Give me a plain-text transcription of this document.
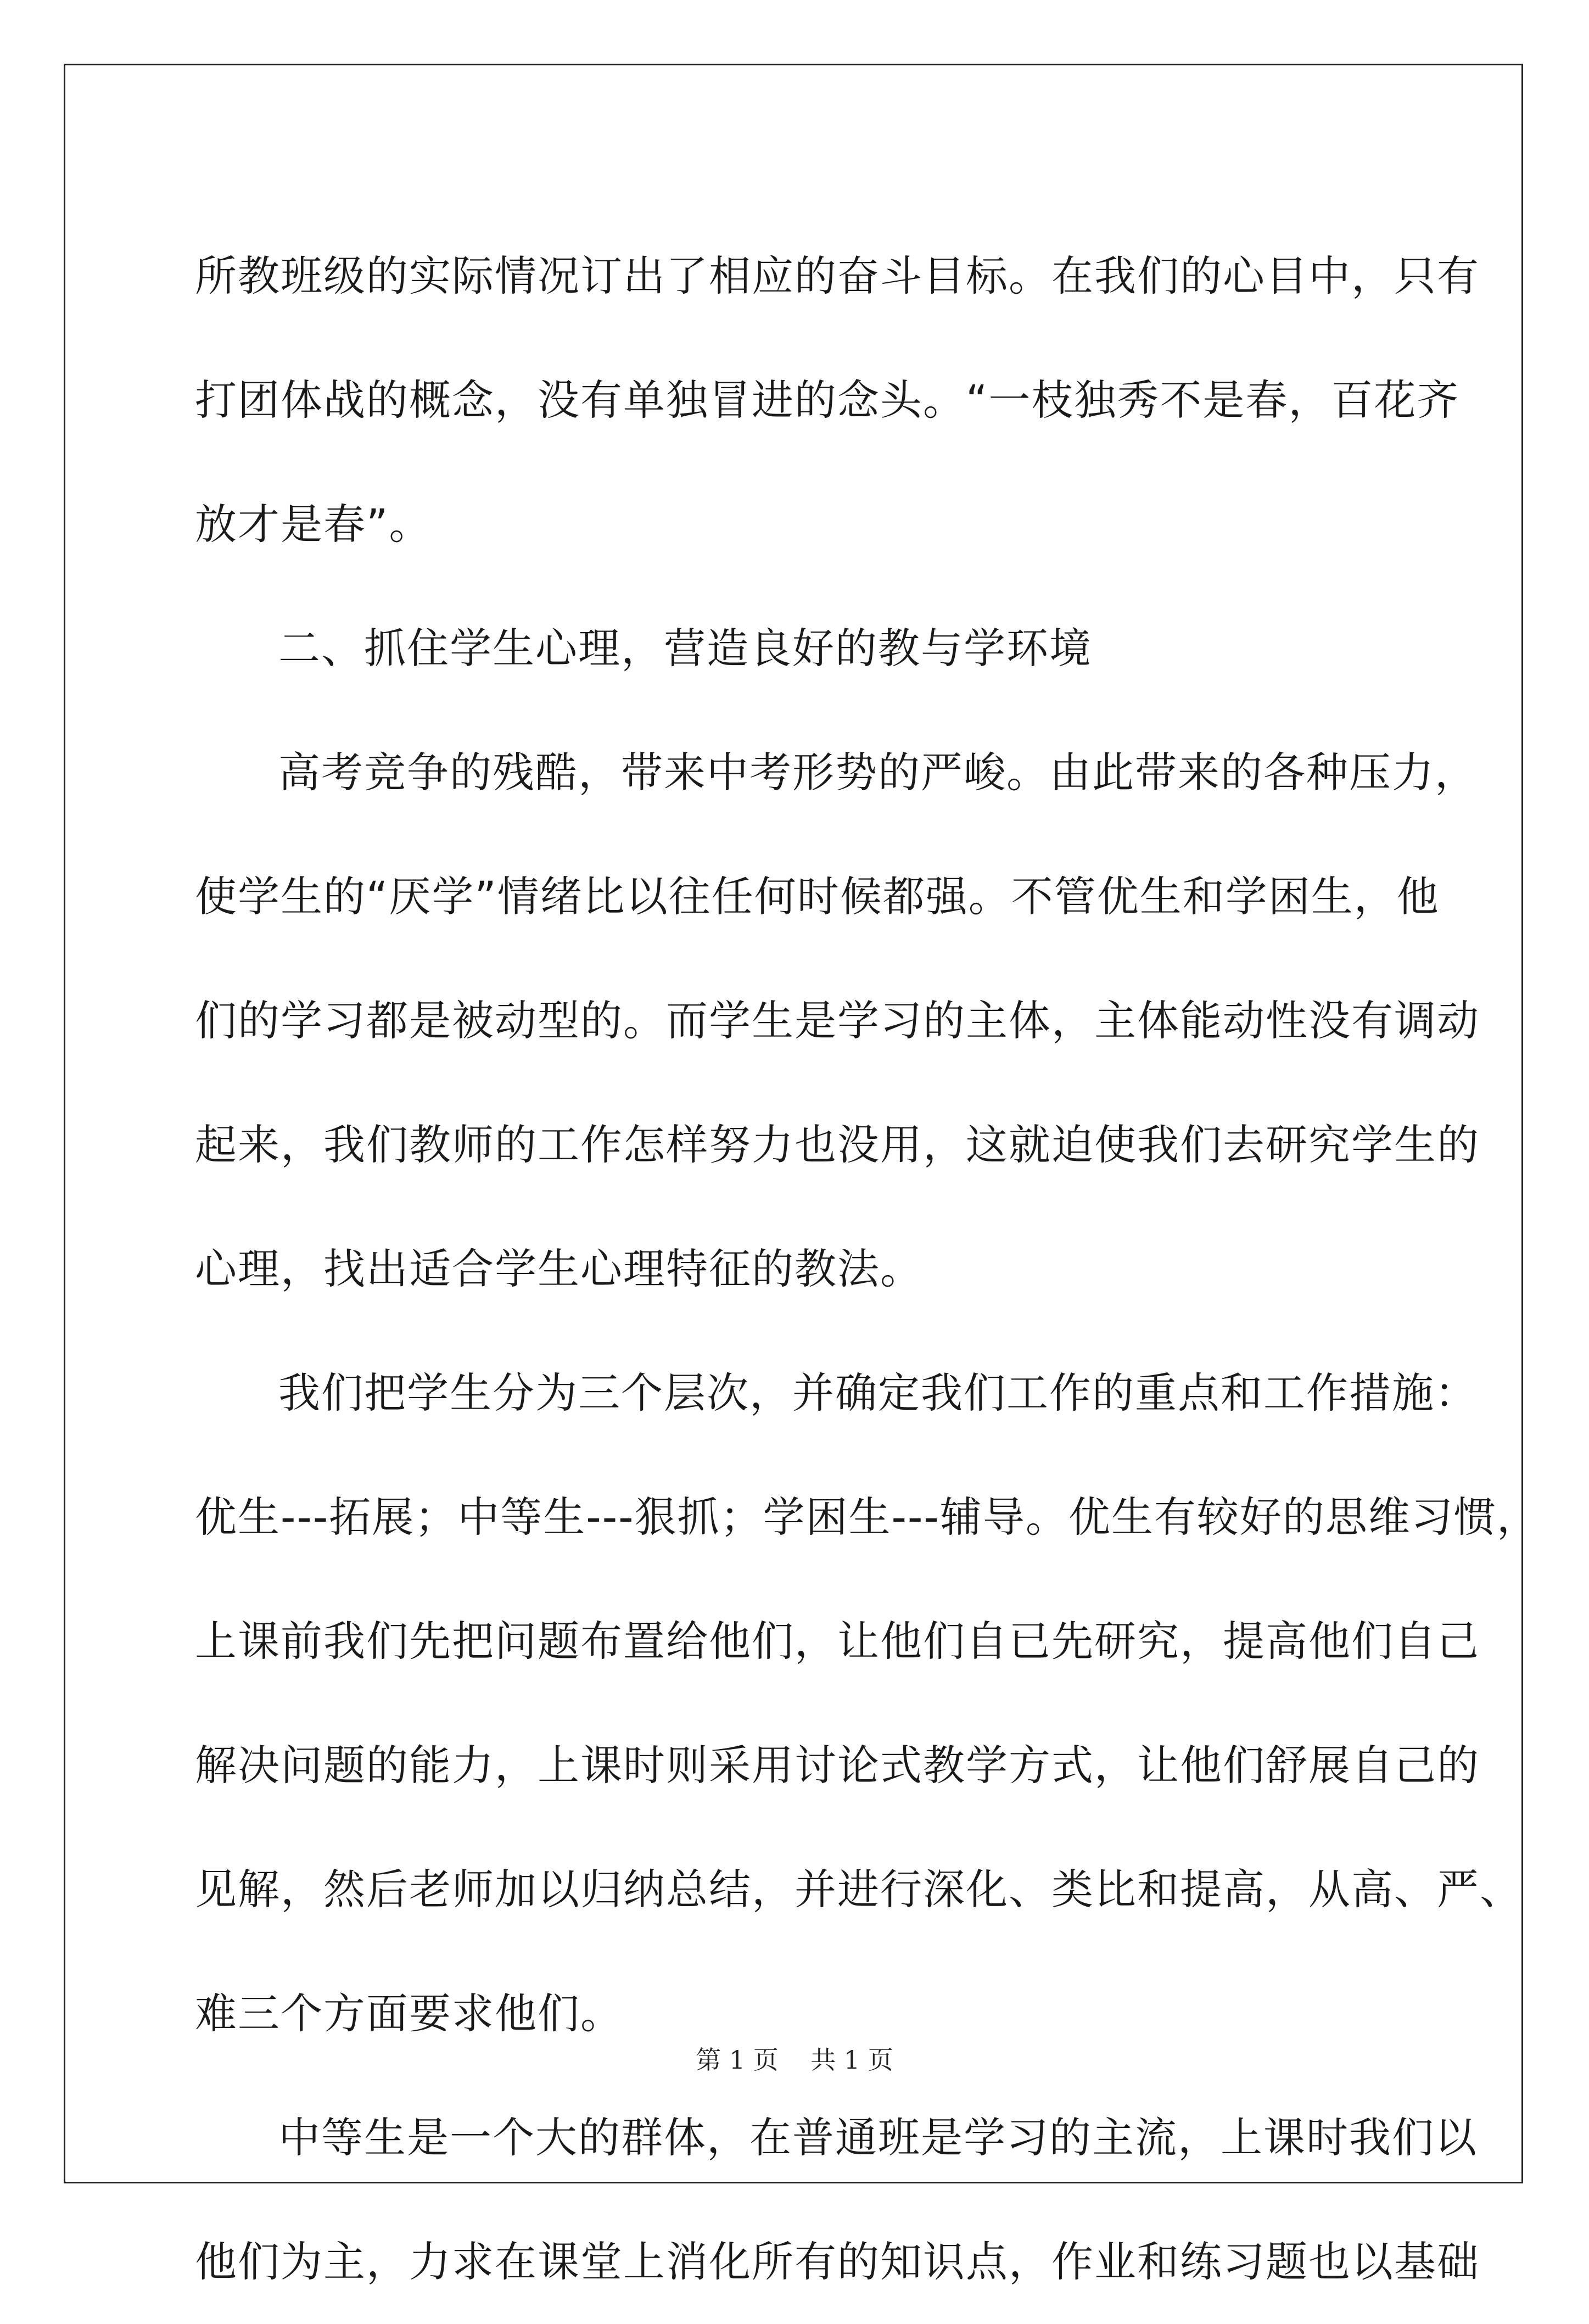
所教班级的实际情况订出了相应的奋斗目标。在我们的心目中，只有
打团体战的概念，没有单独冒进的念头。“一枝独秀不是春，百花齐
放才是春”。
二、抓住学生心理，营造良好的教与学环境
高考竞争的残酷，带来中考形势的严峻。由此带来的各种压力，
使学生的“厌学”情绪比以往任何时候都强。不管优生和学困生，他
们的学习都是被动型的。而学生是学习的主体，主体能动性没有调动
起来，我们教师的工作怎样努力也没用，这就迫使我们去研究学生的
心理，找出适合学生心理特征的教法。
我们把学生分为三个层次，并确定我们工作的重点和工作措施：
优生---拓展；中等生---狠抓；学困生---辅导。优生有较好的思维习惯，
上课前我们先把问题布置给他们，让他们自已先研究，提高他们自己
解决问题的能力，上课时则采用讨论式教学方式，让他们舒展自己的
见解，然后老师加以归纳总结，并进行深化、类比和提高，从高、严、
难三个方面要求他们。
中等生是一个大的群体，在普通班是学习的主流，上课时我们以
他们为主，力求在课堂上消化所有的知识点，作业和练习题也以基础
第 1 页    共 1 页
